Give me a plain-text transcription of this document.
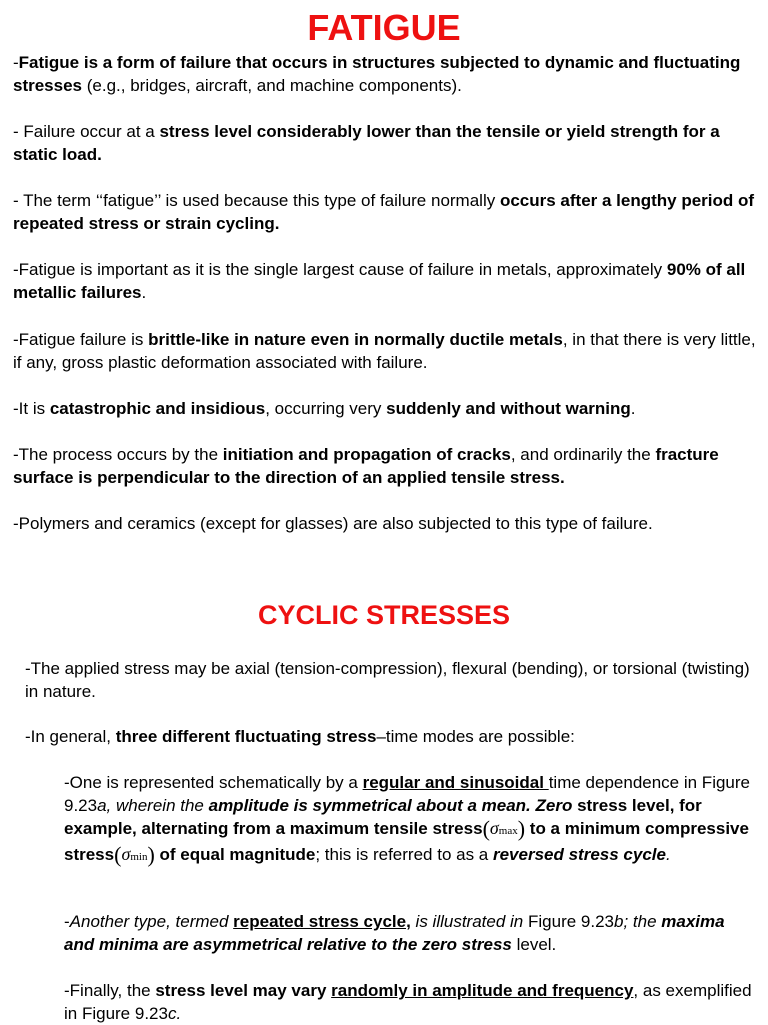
FATIGUE

-Fatigue is a form of failure that occurs in structures subjected to dynamic and fluctuating stresses (e.g., bridges, aircraft, and machine components).

- Failure occur at a stress level considerably lower than the tensile or yield strength for a static load.

- The term ‘‘fatigue’’ is used because this type of failure normally occurs after a lengthy period of repeated stress or strain cycling.

-Fatigue is important as it is the single largest cause of failure in metals, approximately 90% of all metallic failures.

-Fatigue failure is brittle-like in nature even in normally ductile metals, in that there is very little, if any, gross plastic deformation associated with failure.

-It is catastrophic and insidious, occurring very suddenly and without warning.

-The process occurs by the initiation and propagation of cracks, and ordinarily the fracture surface is perpendicular to the direction of an applied tensile stress.

-Polymers and ceramics (except for glasses) are also subjected to this type of failure.

CYCLIC STRESSES

-The applied stress may be axial (tension-compression), flexural (bending), or torsional (twisting) in nature.

-In general, three different fluctuating stress–time modes are possible:

-One is represented schematically by a regular and sinusoidal time dependence in Figure 9.23a, wherein the amplitude is symmetrical about a mean. Zero stress level, for example, alternating from a maximum tensile stress(σmax) to a minimum compressive stress(σmin) of equal magnitude; this is referred to as a reversed stress cycle.

-Another type, termed repeated stress cycle, is illustrated in Figure 9.23b; the maxima and minima are asymmetrical relative to the zero stress level.

-Finally, the stress level may vary randomly in amplitude and frequency, as exemplified in Figure 9.23c.
